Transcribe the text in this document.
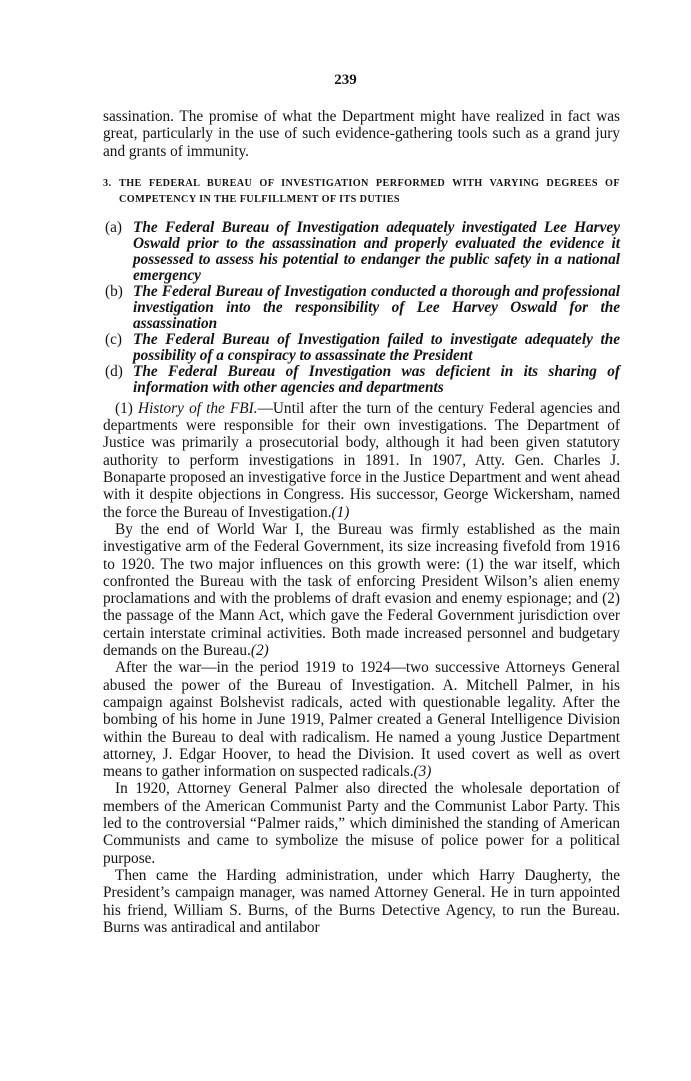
239

sassination. The promise of what the Department might have realized in fact was great, particularly in the use of such evidence-gathering tools such as a grand jury and grants of immunity.

3. THE FEDERAL BUREAU OF INVESTIGATION PERFORMED WITH VARYING DEGREES OF COMPETENCY IN THE FULFILLMENT OF ITS DUTIES
(a) The Federal Bureau of Investigation adequately investigated Lee Harvey Oswald prior to the assassination and properly evaluated the evidence it possessed to assess his potential to endanger the public safety in a national emergency
(b) The Federal Bureau of Investigation conducted a thorough and professional investigation into the responsibility of Lee Harvey Oswald for the assassination
(c) The Federal Bureau of Investigation failed to investigate adequately the possibility of a conspiracy to assassinate the President
(d) The Federal Bureau of Investigation was deficient in its sharing of information with other agencies and departments

(1) History of the FBI.—Until after the turn of the century Federal agencies and departments were responsible for their own investigations. The Department of Justice was primarily a prosecutorial body, although it had been given statutory authority to perform investigations in 1891. In 1907, Atty. Gen. Charles J. Bonaparte proposed an investigative force in the Justice Department and went ahead with it despite objections in Congress. His successor, George Wickersham, named the force the Bureau of Investigation.(1)

By the end of World War I, the Bureau was firmly established as the main investigative arm of the Federal Government, its size increasing fivefold from 1916 to 1920. The two major influences on this growth were: (1) the war itself, which confronted the Bureau with the task of enforcing President Wilson’s alien enemy proclamations and with the problems of draft evasion and enemy espionage; and (2) the passage of the Mann Act, which gave the Federal Government jurisdiction over certain interstate criminal activities. Both made increased personnel and budgetary demands on the Bureau.(2)

After the war—in the period 1919 to 1924—two successive Attorneys General abused the power of the Bureau of Investigation. A. Mitchell Palmer, in his campaign against Bolshevist radicals, acted with questionable legality. After the bombing of his home in June 1919, Palmer created a General Intelligence Division within the Bureau to deal with radicalism. He named a young Justice Department attorney, J. Edgar Hoover, to head the Division. It used covert as well as overt means to gather information on suspected radicals.(3)

In 1920, Attorney General Palmer also directed the wholesale deportation of members of the American Communist Party and the Communist Labor Party. This led to the controversial “Palmer raids,” which diminished the standing of American Communists and came to symbolize the misuse of police power for a political purpose.

Then came the Harding administration, under which Harry Daugherty, the President’s campaign manager, was named Attorney General. He in turn appointed his friend, William S. Burns, of the Burns Detective Agency, to run the Bureau. Burns was antiradical and antilabor
